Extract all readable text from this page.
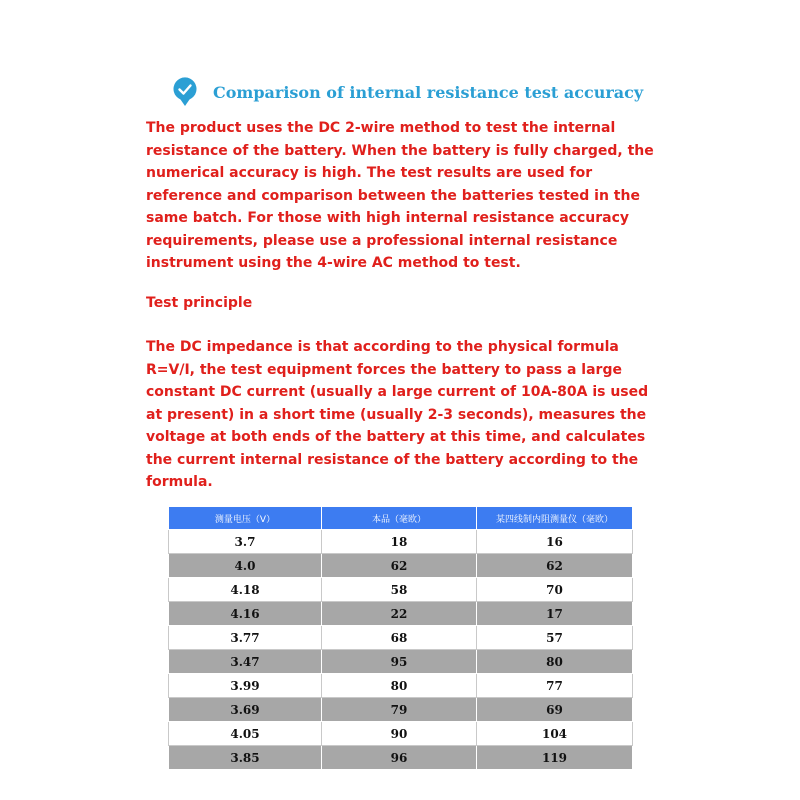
Comparison of internal resistance test accuracy

The product uses the DC 2-wire method to test the internal resistance of the battery. When the battery is fully charged, the numerical accuracy is high. The test results are used for reference and comparison between the batteries tested in the same batch. For those with high internal resistance accuracy requirements, please use a professional internal resistance instrument using the 4-wire AC method to test.

Test principle

The DC impedance is that according to the physical formula R=V/I, the test equipment forces the battery to pass a large constant DC current (usually a large current of 10A-80A is used at present) in a short time (usually 2-3 seconds), measures the voltage at both ends of the battery at this time, and calculates the current internal resistance of the battery according to the formula.

测量电压（V）	本品（毫欧）	某四线制内阻测量仪（毫欧）
3.7	18	16
4.0	62	62
4.18	58	70
4.16	22	17
3.77	68	57
3.47	95	80
3.99	80	77
3.69	79	69
4.05	90	104
3.85	96	119
